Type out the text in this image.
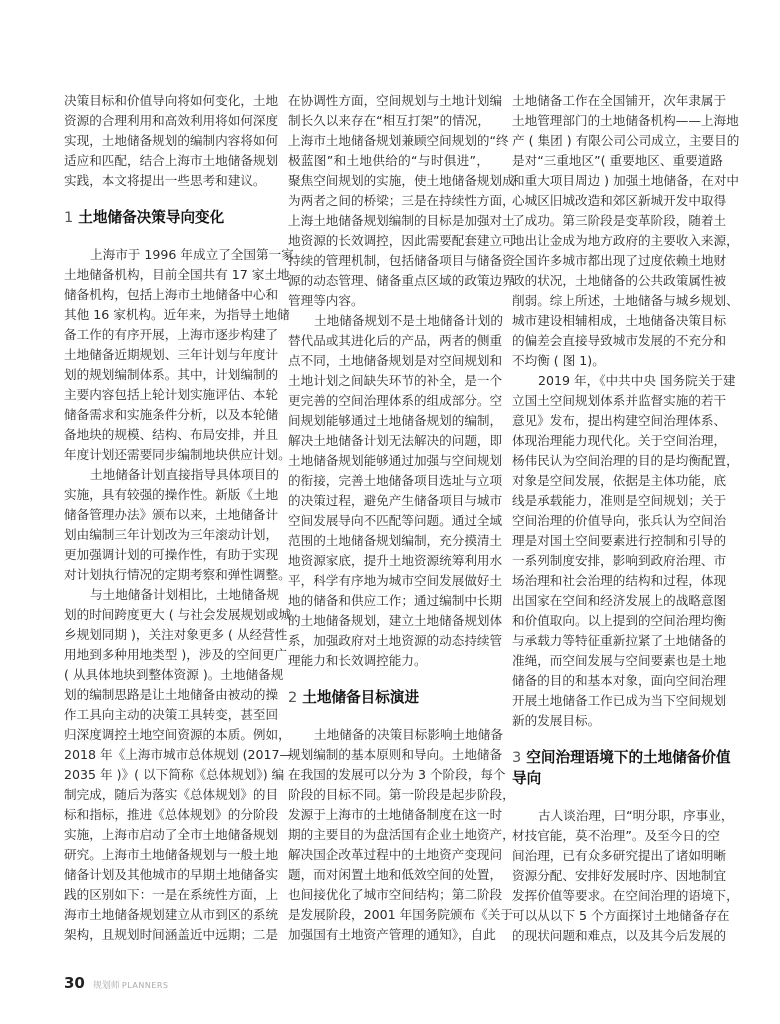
决策目标和价值导向将如何变化，土地
资源的合理利用和高效利用将如何深度
实现，土地储备规划的编制内容将如何
适应和匹配，结合上海市土地储备规划
实践，本文将提出一些思考和建议。
1 土地储备决策导向变化
上海市于 1996 年成立了全国第一家
土地储备机构，目前全国共有 17 家土地
储备机构，包括上海市土地储备中心和
其他 16 家机构。近年来，为指导土地储
备工作的有序开展，上海市逐步构建了
土地储备近期规划、三年计划与年度计
划的规划编制体系。其中，计划编制的
主要内容包括上轮计划实施评估、本轮
储备需求和实施条件分析，以及本轮储
备地块的规模、结构、布局安排，并且
年度计划还需要同步编制地块供应计划。
土地储备计划直接指导具体项目的
实施，具有较强的操作性。新版《土地
储备管理办法》颁布以来，土地储备计
划由编制三年计划改为三年滚动计划，
更加强调计划的可操作性，有助于实现
对计划执行情况的定期考察和弹性调整。
与土地储备计划相比，土地储备规
划的时间跨度更大 ( 与社会发展规划或城
乡规划同期 )，关注对象更多 ( 从经营性
用地到多种用地类型 )，涉及的空间更广
( 从具体地块到整体资源 )。土地储备规
划的编制思路是让土地储备由被动的操
作工具向主动的决策工具转变，甚至回
归深度调控土地空间资源的本质。例如，
2018 年《上海市城市总体规划 (2017—
2035 年 )》( 以下简称《总体规划》) 编
制完成，随后为落实《总体规划》的目
标和指标，推进《总体规划》的分阶段
实施，上海市启动了全市土地储备规划
研究。上海市土地储备规划与一般土地
储备计划及其他城市的早期土地储备实
践的区别如下：一是在系统性方面，上
海市土地储备规划建立从市到区的系统
架构，且规划时间涵盖近中远期；二是
在协调性方面，空间规划与土地计划编
制长久以来存在“相互打架”的情况，
上海市土地储备规划兼顾空间规划的“终
极蓝图”和土地供给的“与时俱进”，
聚焦空间规划的实施，使土地储备规划成
为两者之间的桥梁；三是在持续性方面，
上海土地储备规划编制的目标是加强对土
地资源的长效调控，因此需要配套建立可
持续的管理机制，包括储备项目与储备资
源的动态管理、储备重点区域的政策边界
管理等内容。
土地储备规划不是土地储备计划的
替代品或其进化后的产品，两者的侧重
点不同，土地储备规划是对空间规划和
土地计划之间缺失环节的补全，是一个
更完善的空间治理体系的组成部分。空
间规划能够通过土地储备规划的编制，
解决土地储备计划无法解决的问题，即
土地储备规划能够通过加强与空间规划
的衔接，完善土地储备项目选址与立项
的决策过程，避免产生储备项目与城市
空间发展导向不匹配等问题。通过全域
范围的土地储备规划编制，充分摸清土
地资源家底，提升土地资源统筹利用水
平，科学有序地为城市空间发展做好土
地的储备和供应工作；通过编制中长期
的土地储备规划，建立土地储备规划体
系，加强政府对土地资源的动态持续管
理能力和长效调控能力。
2 土地储备目标演进
土地储备的决策目标影响土地储备
规划编制的基本原则和导向。土地储备
在我国的发展可以分为 3 个阶段，每个
阶段的目标不同。第一阶段是起步阶段，
发源于上海市的土地储备制度在这一时
期的主要目的为盘活国有企业土地资产，
解决国企改革过程中的土地资产变现问
题，而对闲置土地和低效空间的处置，
也间接优化了城市空间结构；第二阶段
是发展阶段，2001 年国务院颁布《关于
加强国有土地资产管理的通知》，自此
土地储备工作在全国铺开，次年隶属于
土地管理部门的土地储备机构——上海地
产 ( 集团 ) 有限公司公司成立，主要目的
是对“三重地区”( 重要地区、重要道路
和重大项目周边 ) 加强土地储备，在对中
心城区旧城改造和郊区新城开发中取得
了成功。第三阶段是变革阶段，随着土
地出让金成为地方政府的主要收入来源，
全国许多城市都出现了过度依赖土地财
政的状况，土地储备的公共政策属性被
削弱。综上所述，土地储备与城乡规划、
城市建设相辅相成，土地储备决策目标
的偏差会直接导致城市发展的不充分和
不均衡 ( 图 1)。
2019 年，《中共中央 国务院关于建
立国土空间规划体系并监督实施的若干
意见》发布，提出构建空间治理体系、
体现治理能力现代化。关于空间治理，
杨伟民认为空间治理的目的是均衡配置，
对象是空间发展，依据是主体功能，底
线是承载能力，准则是空间规划；关于
空间治理的价值导向，张兵认为空间治
理是对国土空间要素进行控制和引导的
一系列制度安排，影响到政府治理、市
场治理和社会治理的结构和过程，体现
出国家在空间和经济发展上的战略意图
和价值取向。以上提到的空间治理均衡
与承载力等特征重新拉紧了土地储备的
准绳，而空间发展与空间要素也是土地
储备的目的和基本对象，面向空间治理
开展土地储备工作已成为当下空间规划
新的发展目标。
3 空间治理语境下的土地储备价值
导向
古人谈治理，曰“明分职，序事业，
材技官能，莫不治理”。及至今日的空
间治理，已有众多研究提出了诸如明晰
资源分配、安排好发展时序、因地制宜
发挥价值等要求。在空间治理的语境下，
可以从以下 5 个方面探讨土地储备存在
的现状问题和难点，以及其今后发展的
30 规划师 PLANNERS
